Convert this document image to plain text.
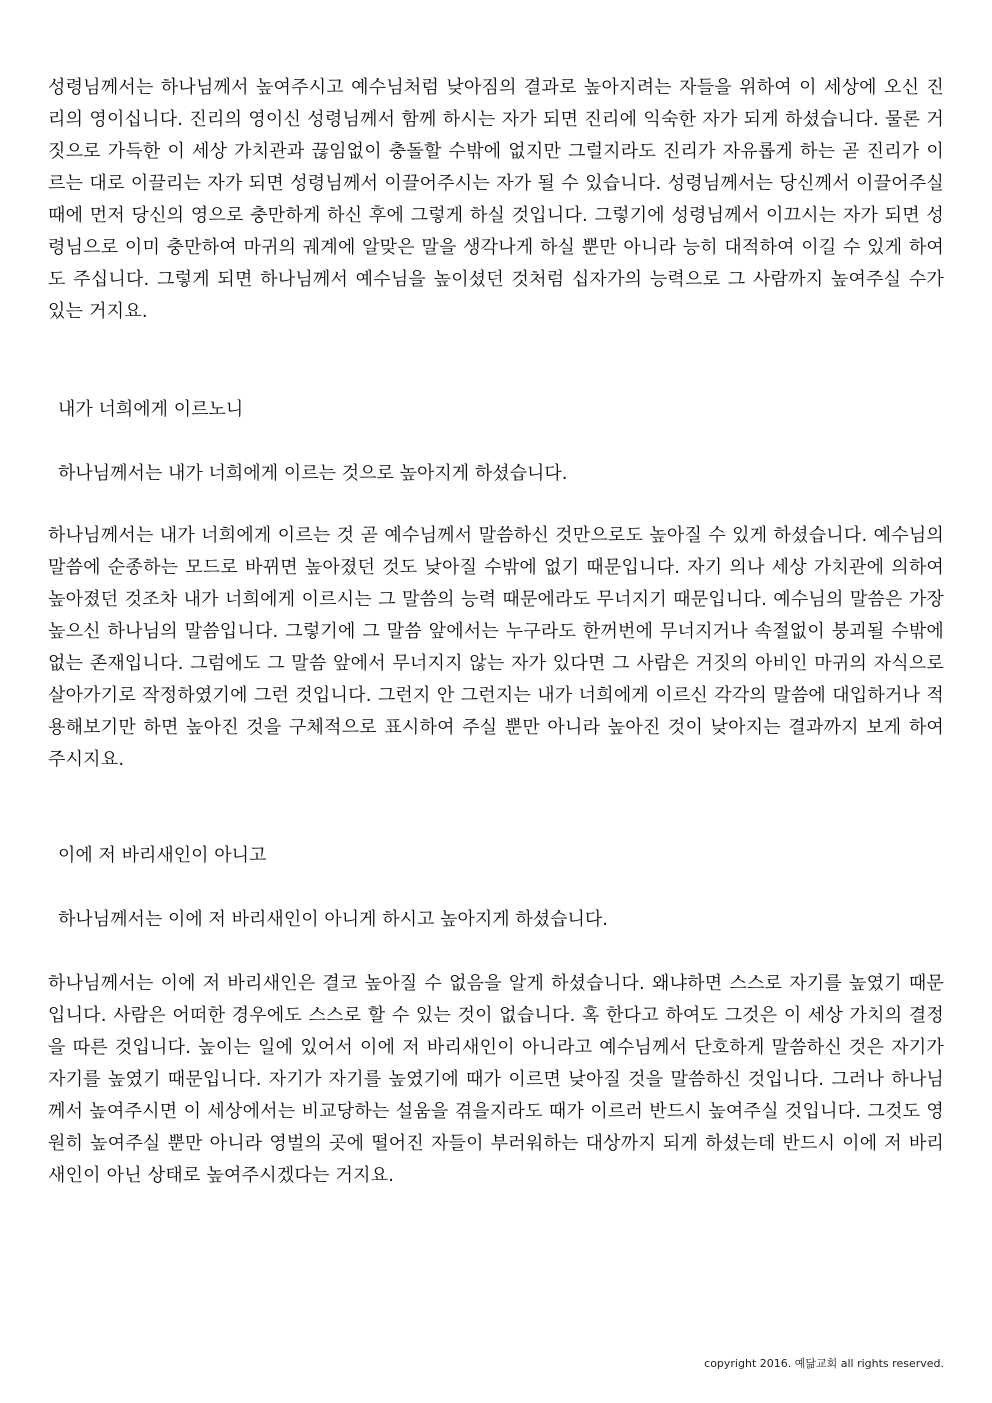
성령님께서는 하나님께서 높여주시고 예수님처럼 낮아짐의 결과로 높아지려는 자들을 위하여 이 세상에 오신 진리의 영이십니다. 진리의 영이신 성령님께서 함께 하시는 자가 되면 진리에 익숙한 자가 되게 하셨습니다. 물론 거짓으로 가득한 이 세상 가치관과 끊임없이 충돌할 수밖에 없지만 그럴지라도 진리가 자유롭게 하는 곧 진리가 이르는 대로 이끌리는 자가 되면 성령님께서 이끌어주시는 자가 될 수 있습니다. 성령님께서는 당신께서 이끌어주실 때에 먼저 당신의 영으로 충만하게 하신 후에 그렇게 하실 것입니다. 그렇기에 성령님께서 이끄시는 자가 되면 성령님으로 이미 충만하여 마귀의 궤계에 알맞은 말을 생각나게 하실 뿐만 아니라 능히 대적하여 이길 수 있게 하여도 주십니다. 그렇게 되면 하나님께서 예수님을 높이셨던 것처럼 십자가의 능력으로 그 사람까지 높여주실 수가 있는 거지요.

내가 너희에게 이르노니

하나님께서는 내가 너희에게 이르는 것으로 높아지게 하셨습니다.

하나님께서는 내가 너희에게 이르는 것 곧 예수님께서 말씀하신 것만으로도 높아질 수 있게 하셨습니다. 예수님의 말씀에 순종하는 모드로 바뀌면 높아졌던 것도 낮아질 수밖에 없기 때문입니다. 자기 의나 세상 가치관에 의하여 높아졌던 것조차 내가 너희에게 이르시는 그 말씀의 능력 때문에라도 무너지기 때문입니다. 예수님의 말씀은 가장 높으신 하나님의 말씀입니다. 그렇기에 그 말씀 앞에서는 누구라도 한꺼번에 무너지거나 속절없이 붕괴될 수밖에 없는 존재입니다. 그럼에도 그 말씀 앞에서 무너지지 않는 자가 있다면 그 사람은 거짓의 아비인 마귀의 자식으로 살아가기로 작정하였기에 그런 것입니다. 그런지 안 그런지는 내가 너희에게 이르신 각각의 말씀에 대입하거나 적용해보기만 하면 높아진 것을 구체적으로 표시하여 주실 뿐만 아니라 높아진 것이 낮아지는 결과까지 보게 하여 주시지요.

이에 저 바리새인이 아니고

하나님께서는 이에 저 바리새인이 아니게 하시고 높아지게 하셨습니다.

하나님께서는 이에 저 바리새인은 결코 높아질 수 없음을 알게 하셨습니다. 왜냐하면 스스로 자기를 높였기 때문입니다. 사람은 어떠한 경우에도 스스로 할 수 있는 것이 없습니다. 혹 한다고 하여도 그것은 이 세상 가치의 결정을 따른 것입니다. 높이는 일에 있어서 이에 저 바리새인이 아니라고 예수님께서 단호하게 말씀하신 것은 자기가 자기를 높였기 때문입니다. 자기가 자기를 높였기에 때가 이르면 낮아질 것을 말씀하신 것입니다. 그러나 하나님께서 높여주시면 이 세상에서는 비교당하는 설움을 겪을지라도 때가 이르러 반드시 높여주실 것입니다. 그것도 영원히 높여주실 뿐만 아니라 영벌의 곳에 떨어진 자들이 부러워하는 대상까지 되게 하셨는데 반드시 이에 저 바리새인이 아닌 상태로 높여주시겠다는 거지요.

copyright 2016. 예닮교회 all rights reserved.
